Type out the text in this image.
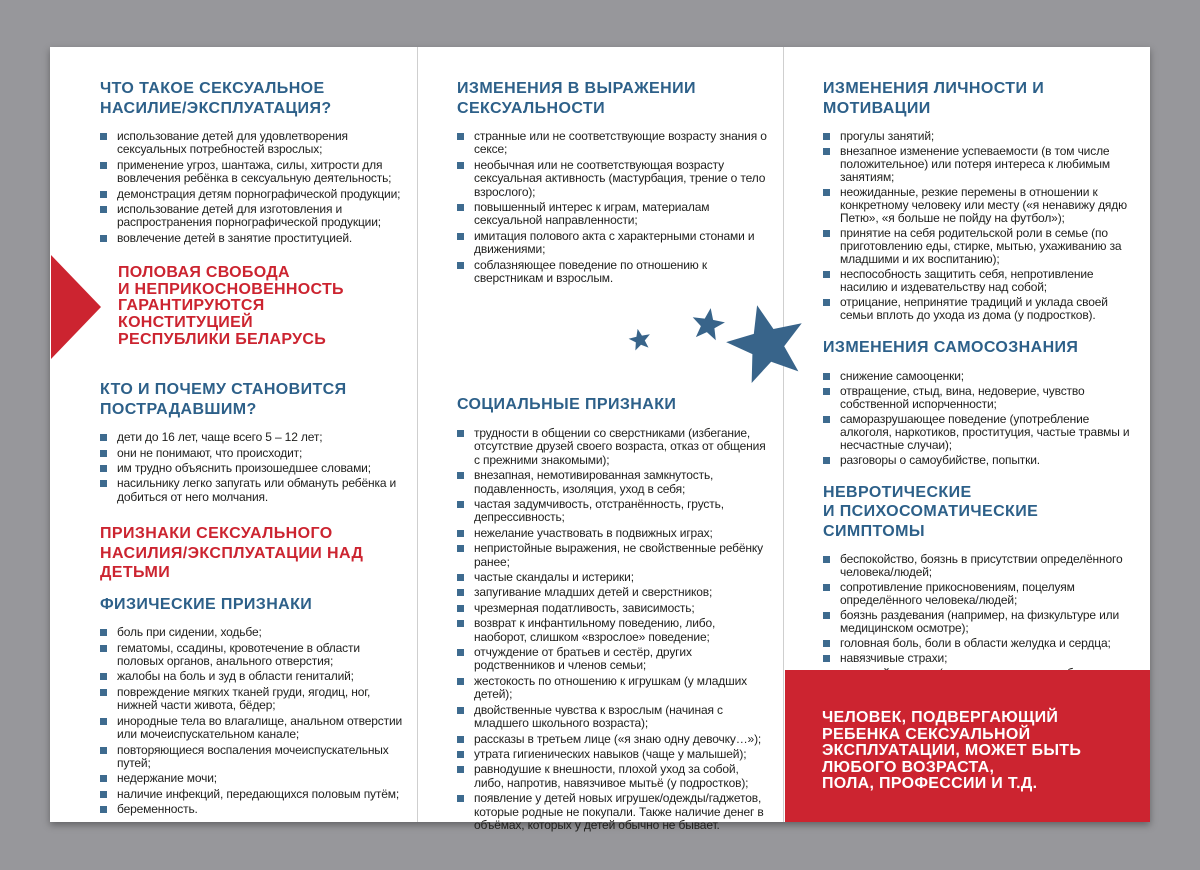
ЧТО ТАКОЕ СЕКСУАЛЬНОЕ
НАСИЛИЕ/ЭКСПЛУАТАЦИЯ?
использование детей для удовлетворения сексуальных потребностей взрослых;
применение угроз, шантажа, силы, хитрости для вовлечения ребёнка в сексуальную деятельность;
демонстрация детям порнографической продукции;
использование детей для изготовления и распространения порнографической продукции;
вовлечение детей в занятие проституцией.
ПОЛОВАЯ СВОБОДА
И НЕПРИКОСНОВЕННОСТЬ
ГАРАНТИРУЮТСЯ
КОНСТИТУЦИЕЙ
РЕСПУБЛИКИ БЕЛАРУСЬ
КТО И ПОЧЕМУ СТАНОВИТСЯ
ПОСТРАДАВШИМ?
дети до 16 лет, чаще всего 5 – 12 лет;
они не понимают, что происходит;
им трудно объяснить произошедшее словами;
насильнику легко запугать или обмануть ребёнка и добиться от него молчания.
ПРИЗНАКИ СЕКСУАЛЬНОГО
НАСИЛИЯ/ЭКСПЛУАТАЦИИ НАД ДЕТЬМИ
ФИЗИЧЕСКИЕ ПРИЗНАКИ
боль при сидении, ходьбе;
гематомы, ссадины, кровотечение в области половых органов, анального отверстия;
жалобы на боль и зуд в области гениталий;
повреждение мягких тканей груди, ягодиц, ног, нижней части живота, бёдер;
инородные тела во влагалище, анальном отверстии или мочеиспускательном канале;
повторяющиеся воспаления мочеиспускательных путей;
недержание мочи;
наличие инфекций, передающихся половым путём;
беременность.
ИЗМЕНЕНИЯ В ВЫРАЖЕНИИ
СЕКСУАЛЬНОСТИ
странные или не соответствующие возрасту знания о сексе;
необычная или не соответствующая возрасту сексуальная активность (мастурбация, трение о тело взрослого);
повышенный интерес к играм, материалам сексуальной направленности;
имитация полового акта с характерными стонами и движениями;
соблазняющее поведение по отношению к сверстникам и взрослым.
СОЦИАЛЬНЫЕ ПРИЗНАКИ
трудности в общении со сверстниками (избегание, отсутствие друзей своего возраста, отказ от общения с прежними знакомыми);
внезапная, немотивированная замкнутость, подавленность, изоляция, уход в себя;
частая задумчивость, отстранённость, грусть, депрессивность;
нежелание участвовать в подвижных играх;
непристойные выражения, не свойственные ребёнку ранее;
частые скандалы и истерики;
запугивание младших детей и сверстников;
чрезмерная податливость, зависимость;
возврат к инфантильному поведению, либо, наоборот, слишком «взрослое» поведение;
отчуждение от братьев и сестёр, других родственников и членов семьи;
жестокость по отношению к игрушкам (у младших детей);
двойственные чувства к взрослым (начиная с младшего школьного возраста);
рассказы в третьем лице («я знаю одну девочку…»);
утрата гигиенических навыков (чаще у малышей);
равнодушие к внешности, плохой уход за собой, либо, напротив, навязчивое мытьё (у подростков);
появление у детей новых игрушек/одежды/гаджетов, которые родные не покупали. Также наличие денег в объёмах, которых у детей обычно не бывает.
ИЗМЕНЕНИЯ ЛИЧНОСТИ И МОТИВАЦИИ
прогулы занятий;
внезапное изменение успеваемости (в том числе положительное) или потеря интереса к любимым занятиям;
неожиданные, резкие перемены в отношении к конкретному человеку или месту («я ненавижу дядю Петю», «я больше не пойду на футбол»);
принятие на себя родительской роли в семье (по приготовлению еды, стирке, мытью, ухаживанию за младшими и их воспитанию);
неспособность защитить себя, непротивление насилию и издевательству над собой;
отрицание, непринятие традиций и уклада своей семьи вплоть до ухода из дома (у подростков).
ИЗМЕНЕНИЯ САМОСОЗНАНИЯ
снижение самооценки;
отвращение, стыд, вина, недоверие, чувство собственной испорченности;
саморазрушающее поведение (употребление алкоголя, наркотиков, проституция, частые травмы и несчастные случаи);
разговоры о самоубийстве, попытки.
НЕВРОТИЧЕСКИЕ
И ПСИХОСОМАТИЧЕСКИЕ СИМПТОМЫ
беспокойство, боязнь в присутствии определённого человека/людей;
сопротивление прикосновениям, поцелуям определённого человека/людей;
боязнь раздевания (например, на физкультуре или медицинском осмотре);
головная боль, боли в области желудка и сердца;
навязчивые страхи;
ЧЕЛОВЕК, ПОДВЕРГАЮЩИЙ
РЕБЕНКА СЕКСУАЛЬНОЙ
ЭКСПЛУАТАЦИИ, МОЖЕТ БЫТЬ
ЛЮБОГО ВОЗРАСТА,
ПОЛА, ПРОФЕССИИ И Т.Д.
